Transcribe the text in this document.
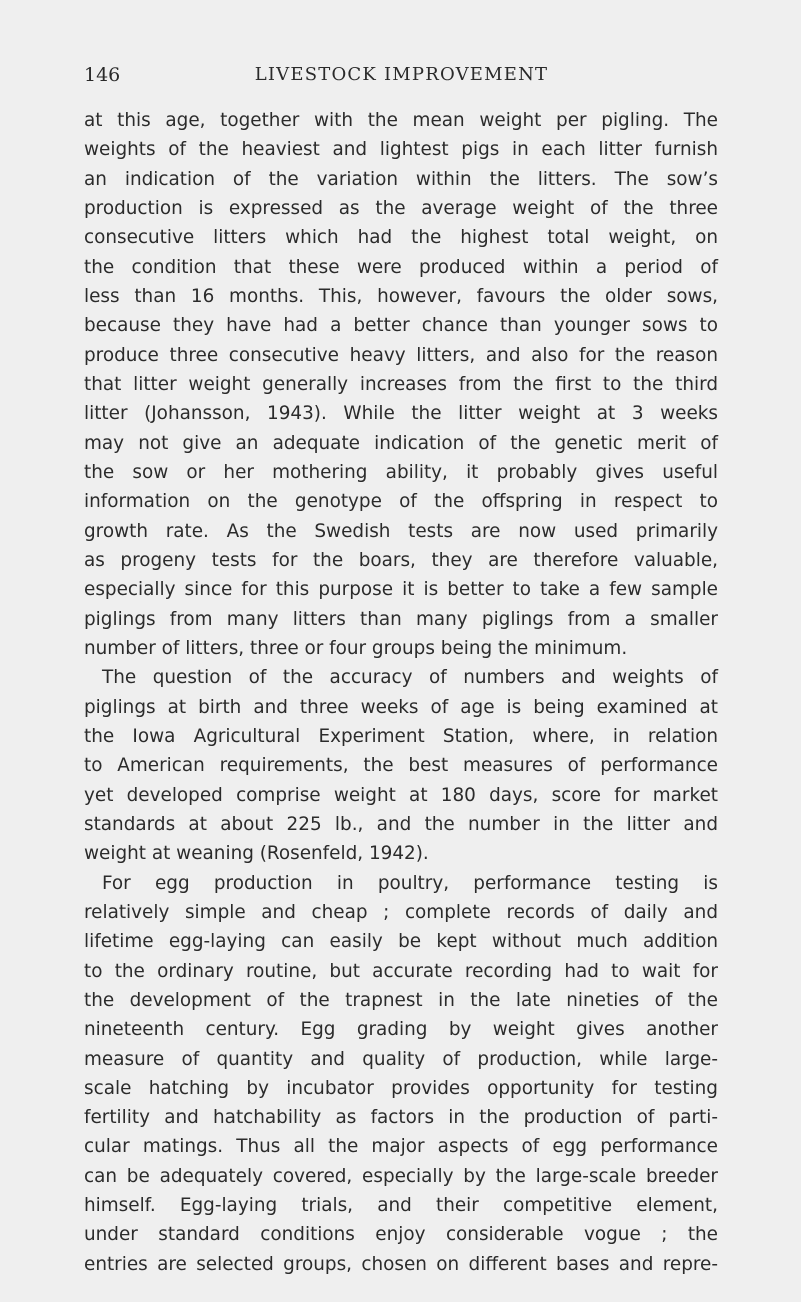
146	LIVESTOCK IMPROVEMENT
at this age, together with the mean weight per pigling. The
weights of the heaviest and lightest pigs in each litter furnish
an indication of the variation within the litters. The sow’s
production is expressed as the average weight of the three
consecutive litters which had the highest total weight, on
the condition that these were produced within a period of
less than 16 months. This, however, favours the older sows,
because they have had a better chance than younger sows to
produce three consecutive heavy litters, and also for the reason
that litter weight generally increases from the first to the third
litter (Johansson, 1943). While the litter weight at 3 weeks
may not give an adequate indication of the genetic merit of
the sow or her mothering ability, it probably gives useful
information on the genotype of the offspring in respect to
growth rate. As the Swedish tests are now used primarily
as progeny tests for the boars, they are therefore valuable,
especially since for this purpose it is better to take a few sample
piglings from many litters than many piglings from a smaller
number of litters, three or four groups being the minimum.
The question of the accuracy of numbers and weights of
piglings at birth and three weeks of age is being examined at
the Iowa Agricultural Experiment Station, where, in relation
to American requirements, the best measures of performance
yet developed comprise weight at 180 days, score for market
standards at about 225 lb., and the number in the litter and
weight at weaning (Rosenfeld, 1942).
For egg production in poultry, performance testing is
relatively simple and cheap ; complete records of daily and
lifetime egg-laying can easily be kept without much addition
to the ordinary routine, but accurate recording had to wait for
the development of the trapnest in the late nineties of the
nineteenth century. Egg grading by weight gives another
measure of quantity and quality of production, while large-
scale hatching by incubator provides opportunity for testing
fertility and hatchability as factors in the production of parti-
cular matings. Thus all the major aspects of egg performance
can be adequately covered, especially by the large-scale breeder
himself. Egg-laying trials, and their competitive element,
under standard conditions enjoy considerable vogue ; the
entries are selected groups, chosen on different bases and repre-
